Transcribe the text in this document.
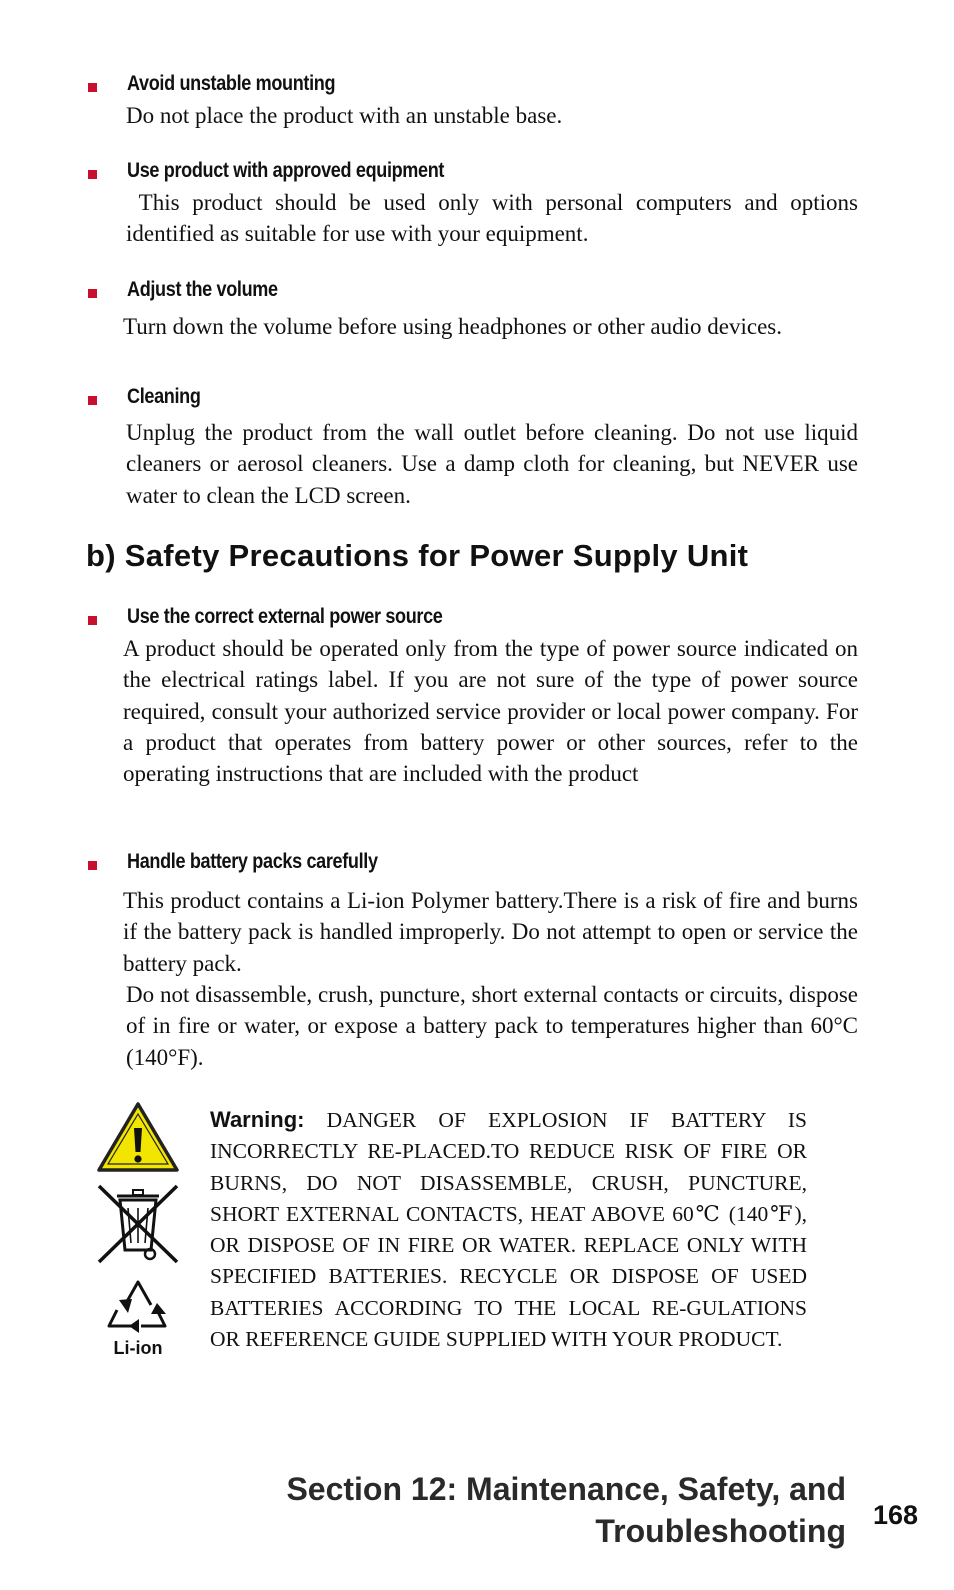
Avoid unstable mounting
Do not place the product with an unstable base.
Use product with approved equipment
This product should be used only with personal computers and options identified as suitable for use with your equipment.
Adjust the volume
Turn down the volume before using headphones or other audio devices.
Cleaning
Unplug the product from the wall outlet before cleaning. Do not use liquid cleaners or aerosol cleaners. Use a damp cloth for cleaning, but NEVER use water to clean the LCD screen.
b) Safety Precautions for Power Supply Unit
Use the correct external power source
A product should be operated only from the type of power source indicated on the electrical ratings label. If you are not sure of the type of power source required, consult your authorized service provider or local power company. For a product that operates from battery power or other sources, refer to the operating instructions that are included with the product
Handle battery packs carefully
This product contains a Li-ion Polymer battery.There is a risk of fire and burns if the battery pack is handled improperly. Do not attempt to open or service the battery pack.
Do not disassemble, crush, puncture, short external contacts or circuits, dispose of in fire or water, or expose a battery pack to temperatures higher than 60°C (140°F).
Li-ion
Warning: DANGER OF EXPLOSION IF BATTERY IS INCORRECTLY RE-PLACED.TO REDUCE RISK OF FIRE OR BURNS, DO NOT DISASSEMBLE, CRUSH, PUNCTURE, SHORT EXTERNAL CONTACTS, HEAT ABOVE 60℃ (140℉), OR DISPOSE OF IN FIRE OR WATER. REPLACE ONLY WITH SPECIFIED BATTERIES. RECYCLE OR DISPOSE OF USED BATTERIES ACCORDING TO THE LOCAL RE-GULATIONS OR REFERENCE GUIDE SUPPLIED WITH YOUR PRODUCT.
Section 12: Maintenance, Safety, and
Troubleshooting 168
